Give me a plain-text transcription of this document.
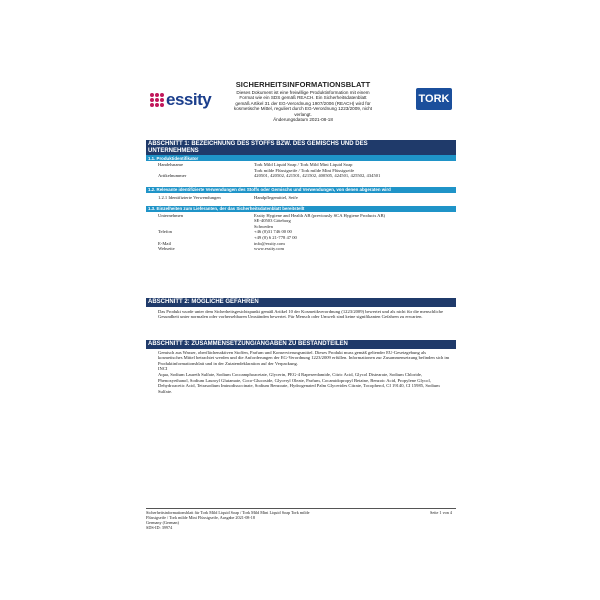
essity
SICHERHEITSINFORMATIONSBLATT
Dieses Dokument ist eine freiwillige Produktinformation mit einem
Format wie ein SDS gemäß REACH. Ein Sicherheitsdatenblatt
gemäß Artikel 31 der EG-Verordnung 1907/2006 (REACH) wird für
kosmetische Mittel, reguliert durch EG-Verordnung 1223/2009, nicht
verlangt.
Änderungsdatum 2021-08-18
TORK
ABSCHNITT 1: BEZEICHNUNG DES STOFFS BZW. DES GEMISCHS UND DES
UNTERNEHMENS
1.1. Produktidentifikator
Handelsname	Tork Mild Liquid Soap / Tork Mild Mini Liquid Soap
Tork milde Flüssigseife / Tork milde Mini Flüssigseife
Artikelnummer	420501, 420502, 421501, 421502, 400505, 424501, 425502, 434501
1.2. Relevante identifizierte Verwendungen des Stoffs oder Gemischs und Verwendungen, von denen abgeraten wird
1.2.1 Identifizierte Verwendungen	Handpflegemittel, Seife
1.3. Einzelheiten zum Lieferanten, der das Sicherheitsdatenblatt bereitstellt
Unternehmen	Essity Hygiene and Health AB (previously SCA Hygiene Products AB)
SE-40503 Göteborg
Schweden
Telefon	+46 (0)31 746 00 00
+49 (0) 6 21-778 47 00
E-Mail	info@essity.com
Webseite	www.essity.com
ABSCHNITT 2: MÖGLICHE GEFAHREN
Das Produkt wurde unter dem Sicherheitsgesichtspunkt gemäß Artikel 10 der Kosmetikverordnung (1223/2009) bewertet und als nicht für die menschliche Gesundheit unter normalen oder vorhersehbaren Umständen bewertet. Für Mensch oder Umwelt sind keine signifikanten Gefahren zu erwarten.
ABSCHNITT 3: ZUSAMMENSETZUNG/ANGABEN ZU BESTANDTEILEN
Gemisch aus Wasser, oberflächenaktiven Stoffen, Parfum und Konservierungsmittel. Dieses Produkt muss gemäß geltender EU-Gesetzgebung als kosmetisches Mittel betrachtet werden und die Anforderungen der EG-Verordnung 1223/2009 erfüllen. Informationen zur Zusammensetzung befinden sich im Produktinformationsblatt und in der Zutatendeklaration auf der Verpackung.
INCI
Aqua, Sodium Laureth Sulfate, Sodium Cocoamphoacetate, Glycerin, PEG-4 Rapeseedamide, Citric Acid, Glycol Distearate, Sodium Chloride, Phenoxyethanol, Sodium Lauroyl Glutamate, Coco-Glucoside, Glyceryl Oleate, Parfum, Cocamidopropyl Betaine, Benzoic Acid, Propylene Glycol, Dehydroacetic Acid, Tetrasodium Iminodisuccinate, Sodium Benzoate, Hydrogenated Palm Glycerides Citrate, Tocopherol, CI 19140, CI 15985, Sodium Sulfate.
Sicherheitsinformationsblatt für Tork Mild Liquid Soap / Tork Mild Mini Liquid Soap Tork milde
Flüssigseife / Tork milde Mini Flüssigseife, Ausgabe 2021-08-18
Germany (German)
SDS-ID: 39974
Seite 1 von 4
